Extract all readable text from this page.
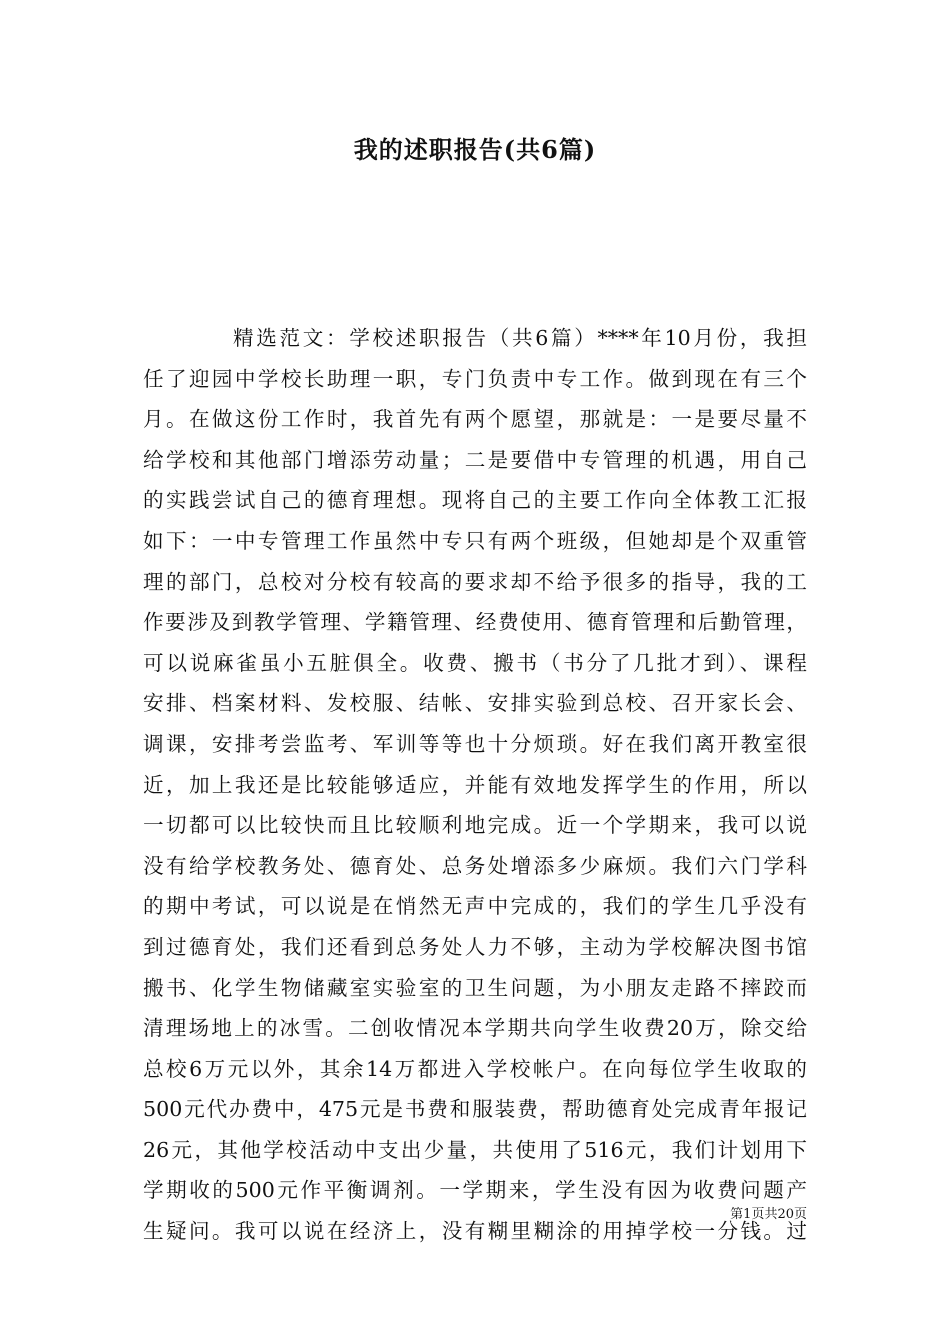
我的述职报告(共6篇)
精选范文：学校述职报告（共6篇）****年10月份，我担
任了迎园中学校长助理一职，专门负责中专工作。做到现在有三个
月。在做这份工作时，我首先有两个愿望，那就是：一是要尽量不
给学校和其他部门增添劳动量；二是要借中专管理的机遇，用自己
的实践尝试自己的德育理想。现将自己的主要工作向全体教工汇报
如下：一中专管理工作虽然中专只有两个班级，但她却是个双重管
理的部门，总校对分校有较高的要求却不给予很多的指导，我的工
作要涉及到教学管理、学籍管理、经费使用、德育管理和后勤管理，
可以说麻雀虽小五脏俱全。收费、搬书（书分了几批才到）、课程
安排、档案材料、发校服、结帐、安排实验到总校、召开家长会、
调课，安排考尝监考、军训等等也十分烦琐。好在我们离开教室很
近，加上我还是比较能够适应，并能有效地发挥学生的作用，所以
一切都可以比较快而且比较顺利地完成。近一个学期来，我可以说
没有给学校教务处、德育处、总务处增添多少麻烦。我们六门学科
的期中考试，可以说是在悄然无声中完成的，我们的学生几乎没有
到过德育处，我们还看到总务处人力不够，主动为学校解决图书馆
搬书、化学生物储藏室实验室的卫生问题，为小朋友走路不摔跤而
清理场地上的冰雪。二创收情况本学期共向学生收费20万，除交给
总校6万元以外，其余14万都进入学校帐户。在向每位学生收取的
500元代办费中，475元是书费和服装费，帮助德育处完成青年报记
26元，其他学校活动中支出少量，共使用了516元，我们计划用下
学期收的500元作平衡调剂。一学期来，学生没有因为收费问题产
生疑问。我可以说在经济上，没有糊里糊涂的用掉学校一分钱。过
第1页共20页
